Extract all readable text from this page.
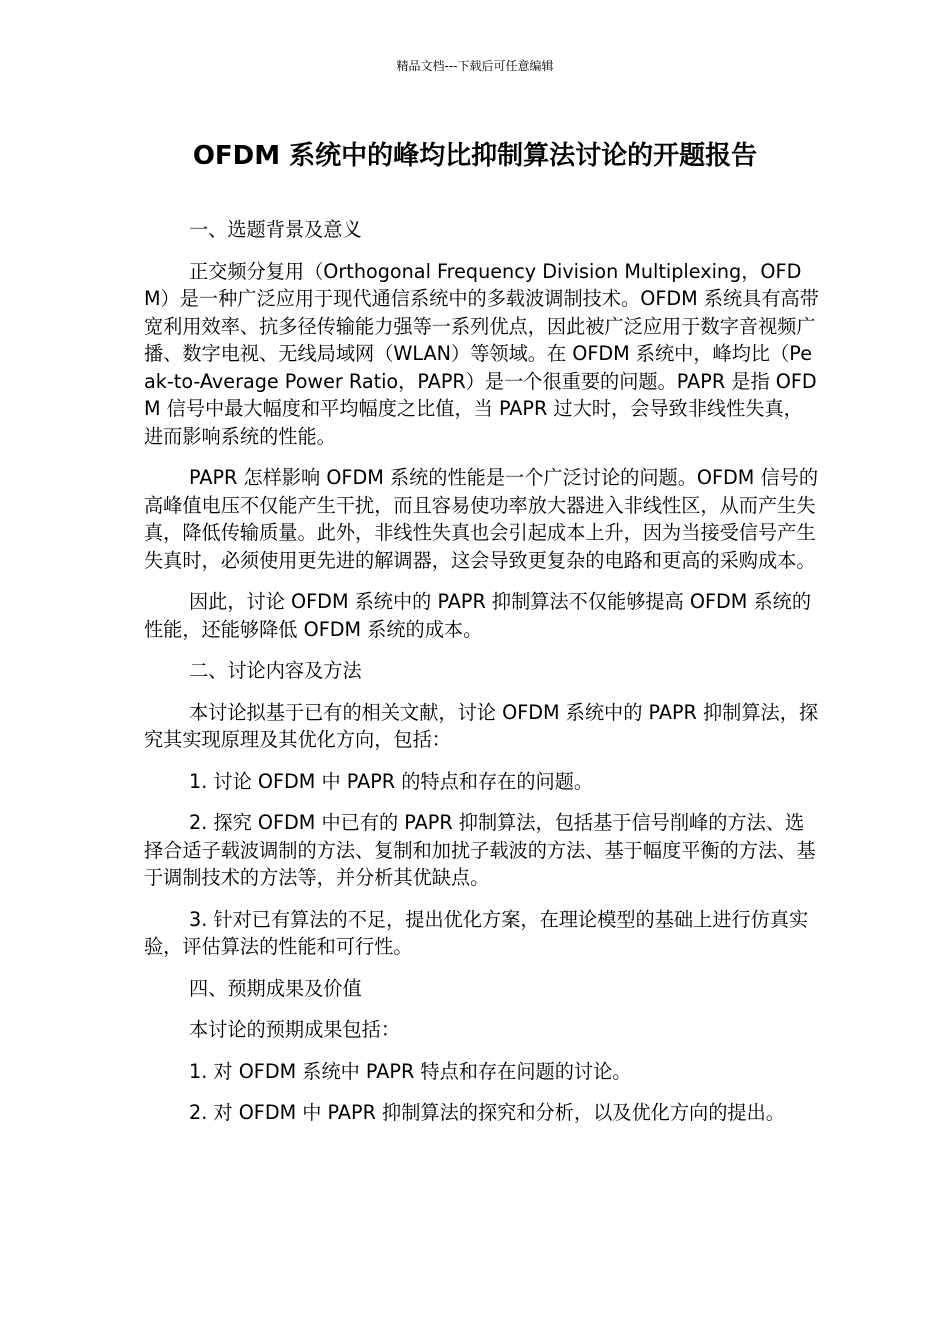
精品文档---下载后可任意编辑
OFDM 系统中的峰均比抑制算法讨论的开题报告

一、选题背景及意义

正交频分复用（Orthogonal Frequency Division Multiplexing，OFDM）是一种广泛应用于现代通信系统中的多载波调制技术。OFDM 系统具有高带宽利用效率、抗多径传输能力强等一系列优点，因此被广泛应用于数字音视频广播、数字电视、无线局域网（WLAN）等领域。在 OFDM 系统中，峰均比（Peak-to-Average Power Ratio，PAPR）是一个很重要的问题。PAPR 是指 OFDM 信号中最大幅度和平均幅度之比值，当 PAPR 过大时，会导致非线性失真，进而影响系统的性能。

PAPR 怎样影响 OFDM 系统的性能是一个广泛讨论的问题。OFDM 信号的高峰值电压不仅能产生干扰，而且容易使功率放大器进入非线性区，从而产生失真，降低传输质量。此外，非线性失真也会引起成本上升，因为当接受信号产生失真时，必须使用更先进的解调器，这会导致更复杂的电路和更高的采购成本。

因此，讨论 OFDM 系统中的 PAPR 抑制算法不仅能够提高 OFDM 系统的性能，还能够降低 OFDM 系统的成本。

二、讨论内容及方法

本讨论拟基于已有的相关文献，讨论 OFDM 系统中的 PAPR 抑制算法，探究其实现原理及其优化方向，包括：

1. 讨论 OFDM 中 PAPR 的特点和存在的问题。

2. 探究 OFDM 中已有的 PAPR 抑制算法，包括基于信号削峰的方法、选择合适子载波调制的方法、复制和加扰子载波的方法、基于幅度平衡的方法、基于调制技术的方法等，并分析其优缺点。

3. 针对已有算法的不足，提出优化方案，在理论模型的基础上进行仿真实验，评估算法的性能和可行性。

四、预期成果及价值

本讨论的预期成果包括：

1. 对 OFDM 系统中 PAPR 特点和存在问题的讨论。

2. 对 OFDM 中 PAPR 抑制算法的探究和分析，以及优化方向的提出。
